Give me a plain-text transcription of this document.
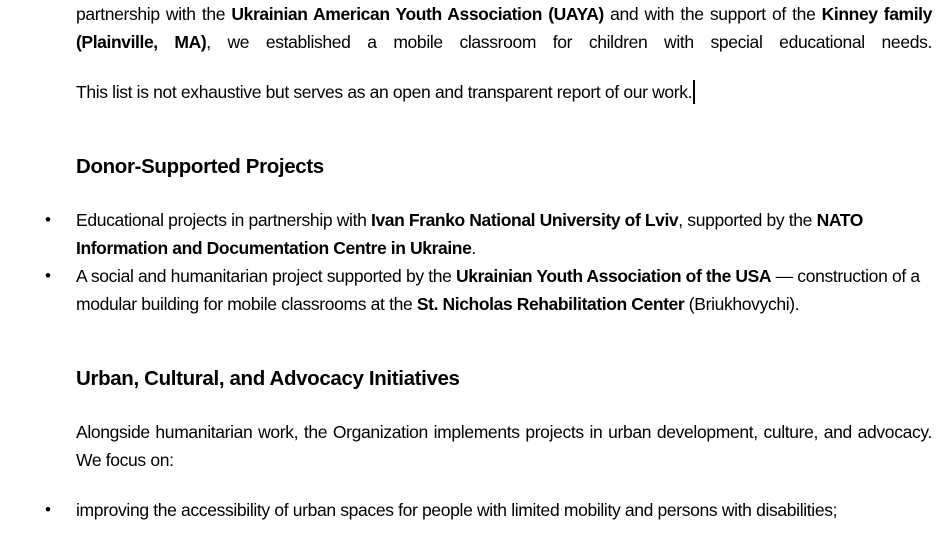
partnership with the Ukrainian American Youth Association (UAYA) and with the support of the Kinney family (Plainville, MA), we established a mobile classroom for children with special educational needs.

This list is not exhaustive but serves as an open and transparent report of our work.

Donor-Supported Projects
• Educational projects in partnership with Ivan Franko National University of Lviv, supported by the NATO Information and Documentation Centre in Ukraine.
• A social and humanitarian project supported by the Ukrainian Youth Association of the USA — construction of a modular building for mobile classrooms at the St. Nicholas Rehabilitation Center (Briukhovychi).
Urban, Cultural, and Advocacy Initiatives

Alongside humanitarian work, the Organization implements projects in urban development, culture, and advocacy. We focus on:

• improving the accessibility of urban spaces for people with limited mobility and persons with disabilities;
